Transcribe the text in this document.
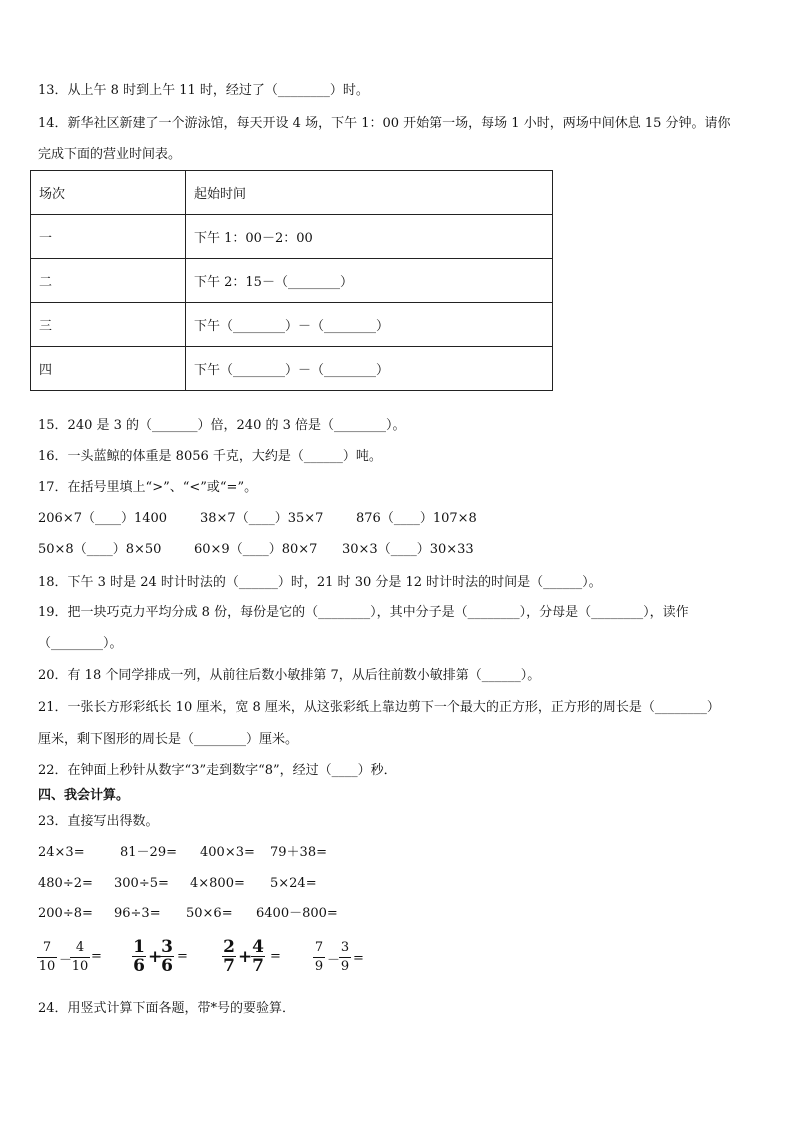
13．从上午 8 时到上午 11 时，经过了（________）时。
14．新华社区新建了一个游泳馆，每天开设 4 场，下午 1：00 开始第一场，每场 1 小时，两场中间休息 15 分钟。请你
完成下面的营业时间表。
场次	起始时间
一	下午 1：00－2：00
二	下午 2：15－（________）
三	下午（________）－（________）
四	下午（________）－（________）
15．240 是 3 的（_______）倍，240 的 3 倍是（________）。
16．一头蓝鲸的体重是 8056 千克，大约是（______）吨。
17．在括号里填上“>”、“<”或“=”。
206×7（____）1400	38×7（____）35×7	876（____）107×8
50×8（____）8×50	60×9（____）80×7 30×3（____）30×33
18．下午 3 时是 24 时计时法的（______）时，21 时 30 分是 12 时计时法的时间是（______）。
19．把一块巧克力平均分成 8 份，每份是它的（________），其中分子是（________），分母是（________），读作
（________）。
20．有 18 个同学排成一列，从前往后数小敏排第 7，从后往前数小敏排第（______）。
21．一张长方形彩纸长 10 厘米，宽 8 厘米，从这张彩纸上靠边剪下一个最大的正方形，正方形的周长是（________）
厘米，剩下图形的周长是（________）厘米。
22．在钟面上秒针从数字“3”走到数字“8”，经过（____）秒．
四、我会计算。
23．直接写出得数。
24×3=	81－29= 400×3= 79＋38=
480÷2= 300÷5= 4×800= 5×24=
200÷8= 96÷3= 50×6= 6400－800=
7
10 －
4
10
= 1
6 +
3
6 = 2
7 + 4
7 =
7
9 －
3
9
=
24．用竖式计算下面各题，带*号的要验算．
